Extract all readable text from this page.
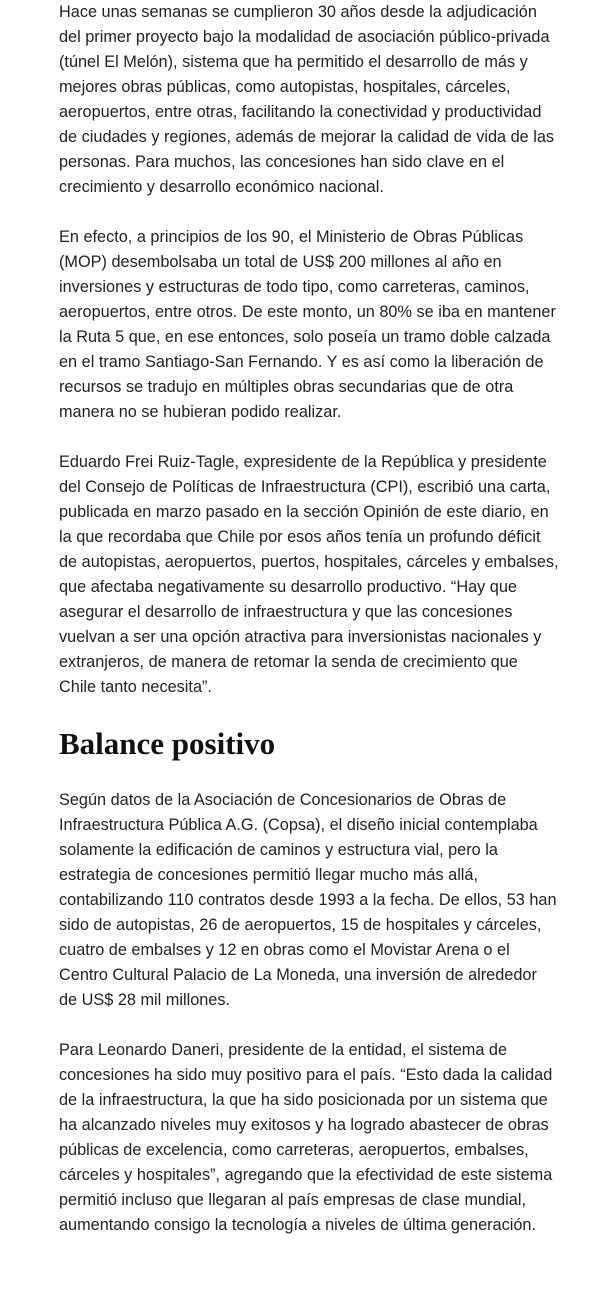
Hace unas semanas se cumplieron 30 años desde la adjudicación del primer proyecto bajo la modalidad de asociación público-privada (túnel El Melón), sistema que ha permitido el desarrollo de más y mejores obras públicas, como autopistas, hospitales, cárceles, aeropuertos, entre otras, facilitando la conectividad y productividad de ciudades y regiones, además de mejorar la calidad de vida de las personas. Para muchos, las concesiones han sido clave en el crecimiento y desarrollo económico nacional.

En efecto, a principios de los 90, el Ministerio de Obras Públicas (MOP) desembolsaba un total de US$ 200 millones al año en inversiones y estructuras de todo tipo, como carreteras, caminos, aeropuertos, entre otros. De este monto, un 80% se iba en mantener la Ruta 5 que, en ese entonces, solo poseía un tramo doble calzada en el tramo Santiago-San Fernando. Y es así como la liberación de recursos se tradujo en múltiples obras secundarias que de otra manera no se hubieran podido realizar.

Eduardo Frei Ruiz-Tagle, expresidente de la República y presidente del Consejo de Políticas de Infraestructura (CPI), escribió una carta, publicada en marzo pasado en la sección Opinión de este diario, en la que recordaba que Chile por esos años tenía un profundo déficit de autopistas, aeropuertos, puertos, hospitales, cárceles y embalses, que afectaba negativamente su desarrollo productivo. “Hay que asegurar el desarrollo de infraestructura y que las concesiones vuelvan a ser una opción atractiva para inversionistas nacionales y extranjeros, de manera de retomar la senda de crecimiento que Chile tanto necesita”.

Balance positivo

Según datos de la Asociación de Concesionarios de Obras de Infraestructura Pública A.G. (Copsa), el diseño inicial contemplaba solamente la edificación de caminos y estructura vial, pero la estrategia de concesiones permitió llegar mucho más allá, contabilizando 110 contratos desde 1993 a la fecha. De ellos, 53 han sido de autopistas, 26 de aeropuertos, 15 de hospitales y cárceles, cuatro de embalses y 12 en obras como el Movistar Arena o el Centro Cultural Palacio de La Moneda, una inversión de alrededor de US$ 28 mil millones.

Para Leonardo Daneri, presidente de la entidad, el sistema de concesiones ha sido muy positivo para el país. “Esto dada la calidad de la infraestructura, la que ha sido posicionada por un sistema que ha alcanzado niveles muy exitosos y ha logrado abastecer de obras públicas de excelencia, como carreteras, aeropuertos, embalses, cárceles y hospitales”, agregando que la efectividad de este sistema permitió incluso que llegaran al país empresas de clase mundial, aumentando consigo la tecnología a niveles de última generación.
